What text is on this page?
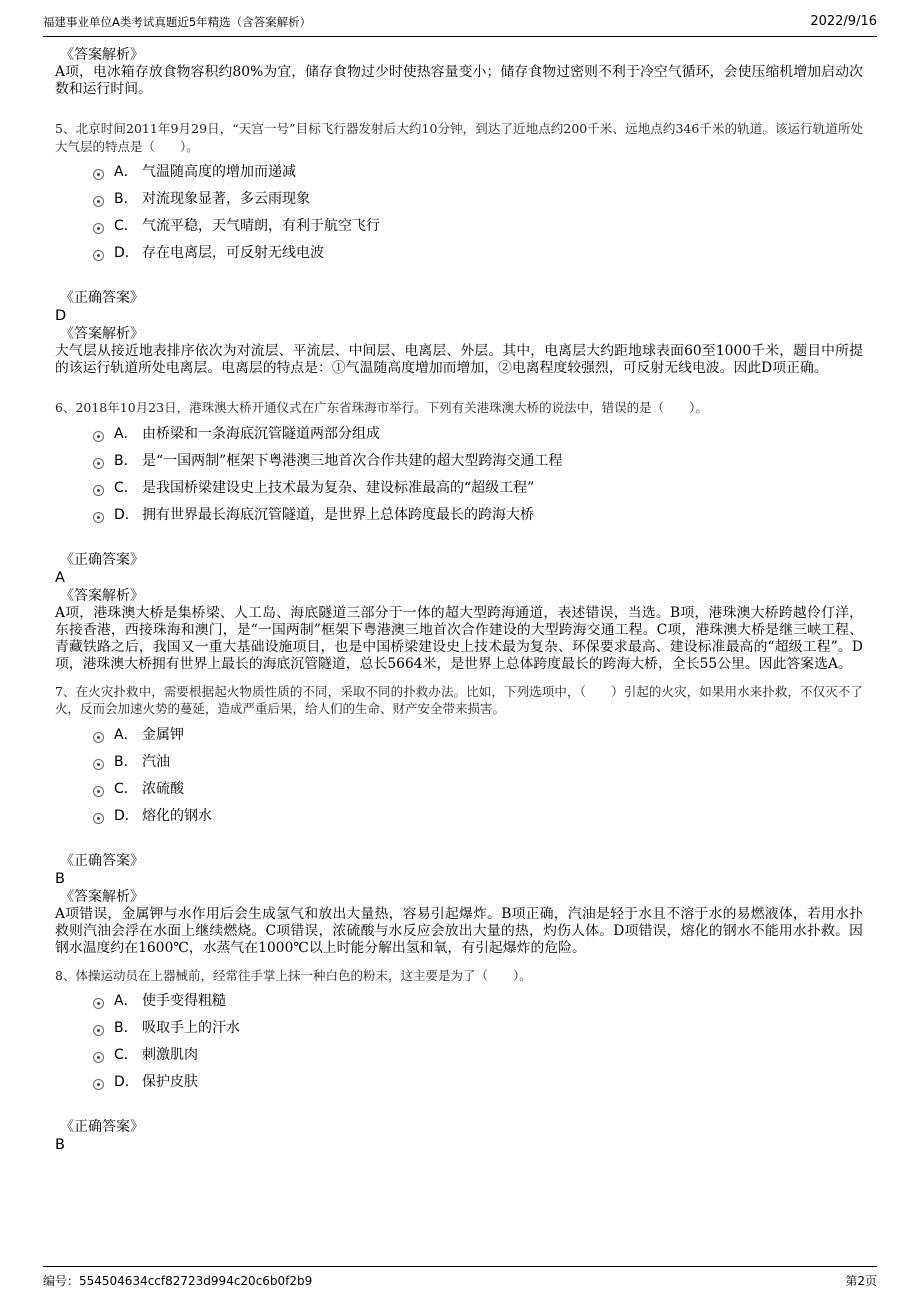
福建事业单位A类考试真题近5年精选（含答案解析）	2022/9/16
《答案解析》
A项，电冰箱存放食物容积约80%为宜，储存食物过少时使热容量变小；储存食物过密则不利于冷空气循环，会使压缩机增加启动次数和运行时间。
5、北京时间2011年9月29日，“天宫一号”目标飞行器发射后大约10分钟，到达了近地点约200千米、远地点约346千米的轨道。该运行轨道所处大气层的特点是（　　）。
A． 气温随高度的增加而递减
B． 对流现象显著，多云雨现象
C． 气流平稳，天气晴朗，有利于航空飞行
D． 存在电离层，可反射无线电波
《正确答案》
D
《答案解析》
大气层从接近地表排序依次为对流层、平流层、中间层、电离层、外层。其中，电离层大约距地球表面60至1000千米，题目中所提的该运行轨道所处电离层。电离层的特点是：①气温随高度增加而增加，②电离程度较强烈，可反射无线电波。因此D项正确。
6、2018年10月23日，港珠澳大桥开通仪式在广东省珠海市举行。下列有关港珠澳大桥的说法中，错误的是（　　）。
A． 由桥梁和一条海底沉管隧道两部分组成
B． 是“一国两制”框架下粤港澳三地首次合作共建的超大型跨海交通工程
C． 是我国桥梁建设史上技术最为复杂、建设标准最高的“超级工程”
D． 拥有世界最长海底沉管隧道，是世界上总体跨度最长的跨海大桥
《正确答案》
A
《答案解析》
A项，港珠澳大桥是集桥梁、人工岛、海底隧道三部分于一体的超大型跨海通道，表述错误，当选。B项，港珠澳大桥跨越伶仃洋，东接香港，西接珠海和澳门，是“一国两制”框架下粤港澳三地首次合作建设的大型跨海交通工程。C项，港珠澳大桥是继三峡工程、青藏铁路之后，我国又一重大基础设施项目，也是中国桥梁建设史上技术最为复杂、环保要求最高、建设标准最高的“超级工程”。D项，港珠澳大桥拥有世界上最长的海底沉管隧道，总长5664米，是世界上总体跨度最长的跨海大桥，全长55公里。因此答案选A。
7、在火灾扑救中，需要根据起火物质性质的不同，采取不同的扑救办法。比如，下列选项中，（　　）引起的火灾，如果用水来扑救，不仅灭不了火，反而会加速火势的蔓延，造成严重后果，给人们的生命、财产安全带来损害。
A． 金属钾
B． 汽油
C． 浓硫酸
D． 熔化的钢水
《正确答案》
B
《答案解析》
A项错误，金属钾与水作用后会生成氢气和放出大量热，容易引起爆炸。B项正确，汽油是轻于水且不溶于水的易燃液体，若用水扑救则汽油会浮在水面上继续燃烧。C项错误，浓硫酸与水反应会放出大量的热，灼伤人体。D项错误，熔化的钢水不能用水扑救。因钢水温度约在1600℃，水蒸气在1000℃以上时能分解出氢和氧，有引起爆炸的危险。
8、体操运动员在上器械前，经常往手掌上抹一种白色的粉末，这主要是为了（　　）。
A． 使手变得粗糙
B． 吸取手上的汗水
C． 刺激肌肉
D． 保护皮肤
《正确答案》
B
编号：554504634ccf82723d994c20c6b0f2b9	第2页
